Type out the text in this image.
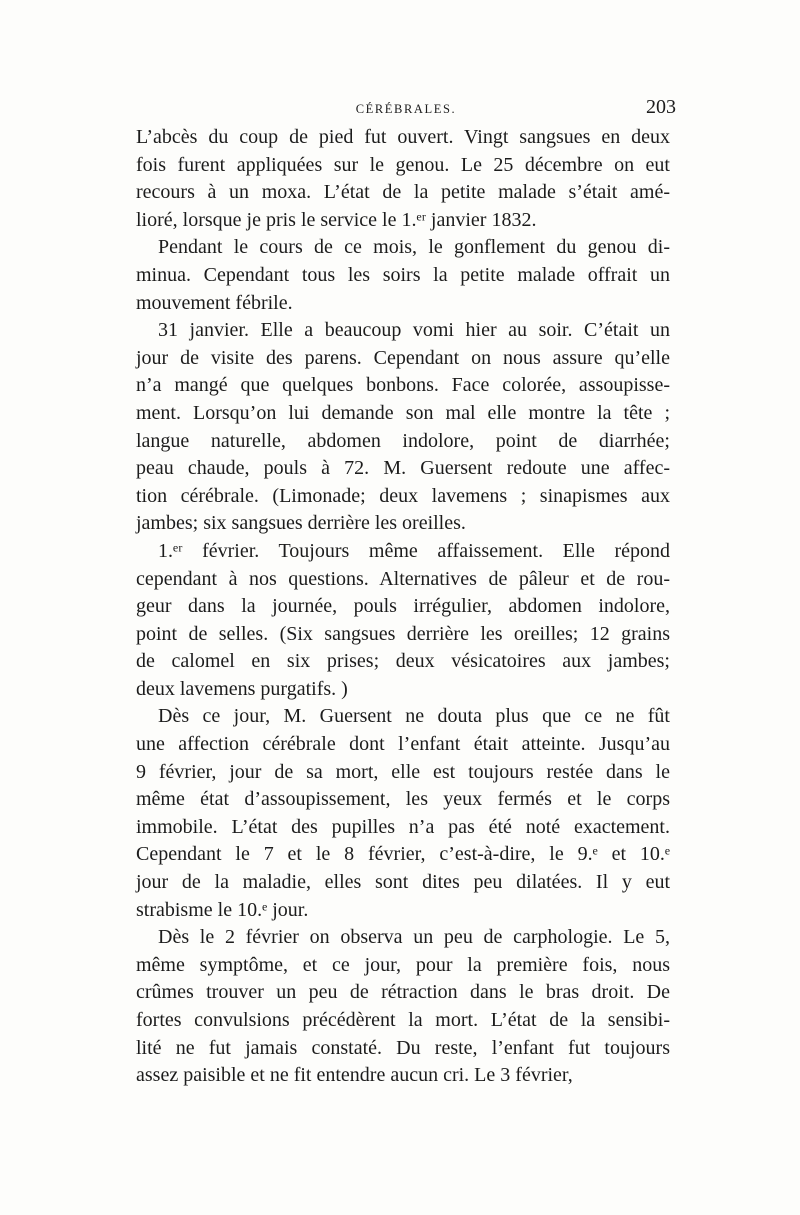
CÉRÉBRALES.	203
L’abcès du coup de pied fut ouvert. Vingt sangsues en deux
fois furent appliquées sur le genou. Le 25 décembre on eut
recours à un moxa. L’état de la petite malade s’était amé-
lioré, lorsque je pris le service le 1.ᵉʳ janvier 1832.
Pendant le cours de ce mois, le gonflement du genou di-
minua. Cependant tous les soirs la petite malade offrait un
mouvement fébrile.
31 janvier. Elle a beaucoup vomi hier au soir. C’était un
jour de visite des parens. Cependant on nous assure qu’elle
n’a mangé que quelques bonbons. Face colorée, assoupisse-
ment. Lorsqu’on lui demande son mal elle montre la tête ;
langue naturelle, abdomen indolore, point de diarrhée;
peau chaude, pouls à 72. M. Guersent redoute une affec-
tion cérébrale. (Limonade; deux lavemens ; sinapismes aux
jambes; six sangsues derrière les oreilles.
1.ᵉʳ février. Toujours même affaissement. Elle répond
cependant à nos questions. Alternatives de pâleur et de rou-
geur dans la journée, pouls irrégulier, abdomen indolore,
point de selles. (Six sangsues derrière les oreilles; 12 grains
de calomel en six prises; deux vésicatoires aux jambes;
deux lavemens purgatifs. )
Dès ce jour, M. Guersent ne douta plus que ce ne fût
une affection cérébrale dont l’enfant était atteinte. Jusqu’au
9 février, jour de sa mort, elle est toujours restée dans le
même état d’assoupissement, les yeux fermés et le corps
immobile. L’état des pupilles n’a pas été noté exactement.
Cependant le 7 et le 8 février, c’est-à-dire, le 9.ᵉ et 10.ᵉ
jour de la maladie, elles sont dites peu dilatées. Il y eut
strabisme le 10.ᵉ jour.
Dès le 2 février on observa un peu de carphologie. Le 5,
même symptôme, et ce jour, pour la première fois, nous
crûmes trouver un peu de rétraction dans le bras droit. De
fortes convulsions précédèrent la mort. L’état de la sensibi-
lité ne fut jamais constaté. Du reste, l’enfant fut toujours
assez paisible et ne fit entendre aucun cri. Le 3 février,
